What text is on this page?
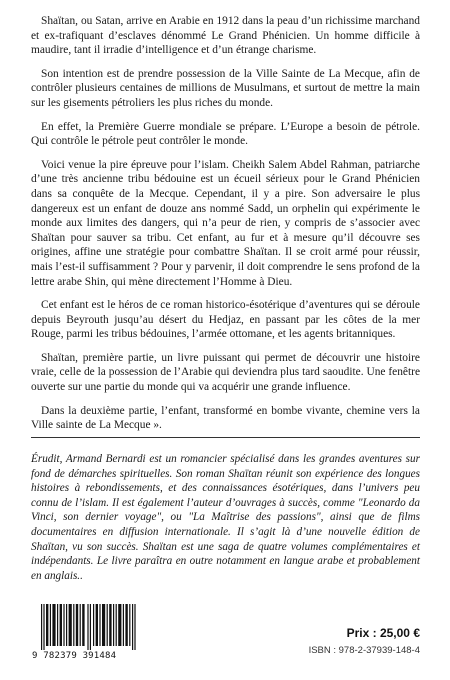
Shaïtan, ou Satan, arrive en Arabie en 1912 dans la peau d’un richissime marchand et ex-trafiquant d’esclaves dénommé Le Grand Phénicien. Un homme difficile à maudire, tant il irradie d’intelligence et d’un étrange charisme.

Son intention est de prendre possession de la Ville Sainte de La Mecque, afin de contrôler plusieurs centaines de millions de Musulmans, et surtout de mettre la main sur les gisements pétroliers les plus riches du monde.

En effet, la Première Guerre mondiale se prépare. L’Europe a besoin de pétrole. Qui contrôle le pétrole peut contrôler le monde.

Voici venue la pire épreuve pour l’islam. Cheikh Salem Abdel Rahman, patriarche d’une très ancienne tribu bédouine est un écueil sérieux pour le Grand Phénicien dans sa conquête de la Mecque. Cependant, il y a pire. Son adversaire le plus dangereux est un enfant de douze ans nommé Sadd, un orphelin qui expérimente le monde aux limites des dangers, qui n’a peur de rien, y compris de s’associer avec Shaïtan pour sauver sa tribu. Cet enfant, au fur et à mesure qu’il découvre ses origines, affine une stratégie pour combattre Shaïtan. Il se croit armé pour réussir, mais l’est-il suffisamment ? Pour y parvenir, il doit comprendre le sens profond de la lettre arabe Shin, qui mène directement l’Homme à Dieu.

Cet enfant est le héros de ce roman historico-ésotérique d’aventures qui se déroule depuis Beyrouth jusqu’au désert du Hedjaz, en passant par les côtes de la mer Rouge, parmi les tribus bédouines, l’armée ottomane, et les agents britanniques.

Shaïtan, première partie, un livre puissant qui permet de découvrir une histoire vraie, celle de la possession de l’Arabie qui deviendra plus tard saoudite. Une fenêtre ouverte sur une partie du monde qui va acquérir une grande influence.

Dans la deuxième partie, l’enfant, transformé en bombe vivante, chemine vers la Ville sainte de La Mecque ».

Érudit, Armand Bernardi est un romancier spécialisé dans les grandes aventures sur fond de démarches spirituelles. Son roman Shaïtan réunit son expérience des longues histoires à rebondissements, et des connaissances ésotériques, dans l’univers peu connu de l’islam. Il est également l’auteur d’ouvrages à succès, comme "Leonardo da Vinci, son dernier voyage", ou "La Maîtrise des passions", ainsi que de films documentaires en diffusion internationale. Il s’agit là d’une nouvelle édition de Shaïtan, vu son succès. Shaïtan est une saga de quatre volumes complémentaires et indépendants. Le livre paraîtra en outre notamment en langue arabe et probablement en anglais..

9 782379 391484
Prix : 25,00 €
ISBN : 978-2-37939-148-4
